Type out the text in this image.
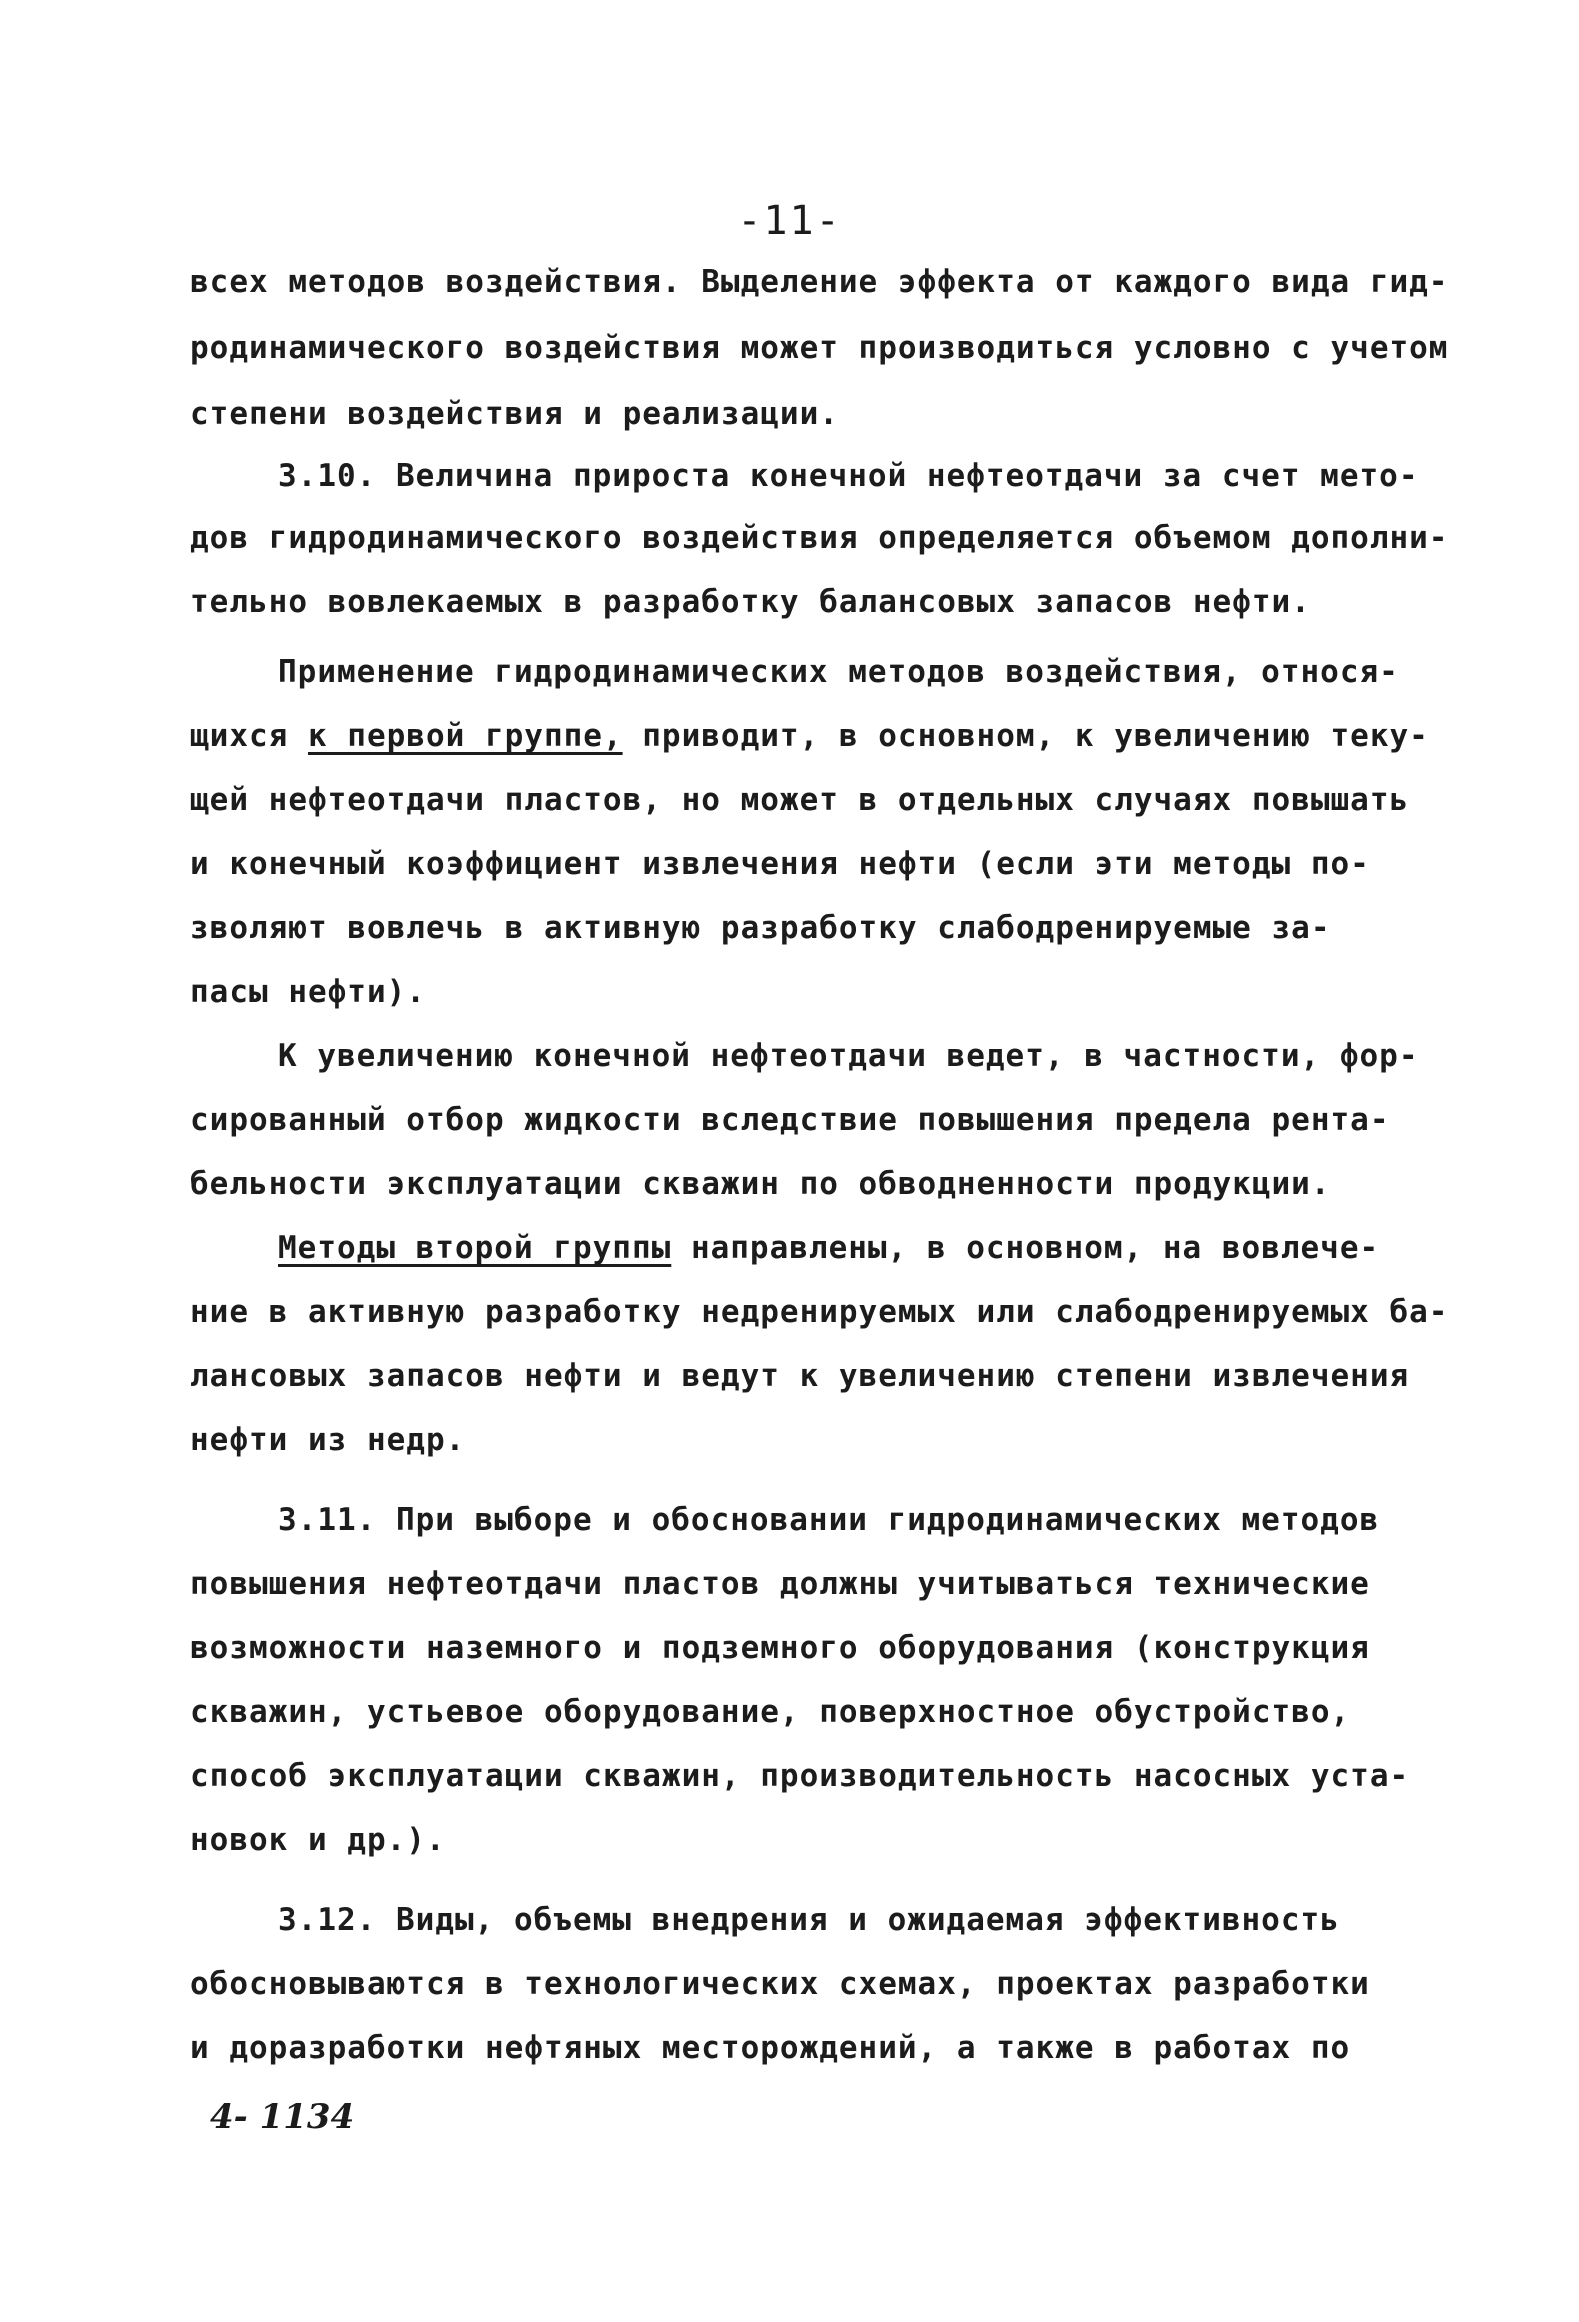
-11-
всех методов воздействия. Выделение эффекта от каждого вида гид-
родинамического воздействия может производиться условно с учетом
степени воздействия и реализации.
3.10. Величина прироста конечной нефтеотдачи за счет мето-
дов гидродинамического воздействия определяется объемом дополни-
тельно вовлекаемых в разработку балансовых запасов нефти.
Применение гидродинамических методов воздействия, относя-
щихся к первой группе, приводит, в основном, к увеличению теку-
щей нефтеотдачи пластов, но может в отдельных случаях повышать
и конечный коэффициент извлечения нефти (если эти методы по-
зволяют вовлечь в активную разработку слабодренируемые за-
пасы нефти).
К увеличению конечной нефтеотдачи ведет, в частности, фор-
сированный отбор жидкости вследствие повышения предела рента-
бельности эксплуатации скважин по обводненности продукции.
Методы второй группы направлены, в основном, на вовлече-
ние в активную разработку недренируемых или слабодренируемых ба-
лансовых запасов нефти и ведут к увеличению степени извлечения
нефти из недр.
3.11. При выборе и обосновании гидродинамических методов
повышения нефтеотдачи пластов должны учитываться технические
возможности наземного и подземного оборудования (конструкция
скважин, устьевое оборудование, поверхностное обустройство,
способ эксплуатации скважин, производительность насосных уста-
новок и др.).
3.12. Виды, объемы внедрения и ожидаемая эффективность
обосновываются в технологических схемах, проектах разработки
и доразработки нефтяных месторождений, а также в работах по
4- 1134
